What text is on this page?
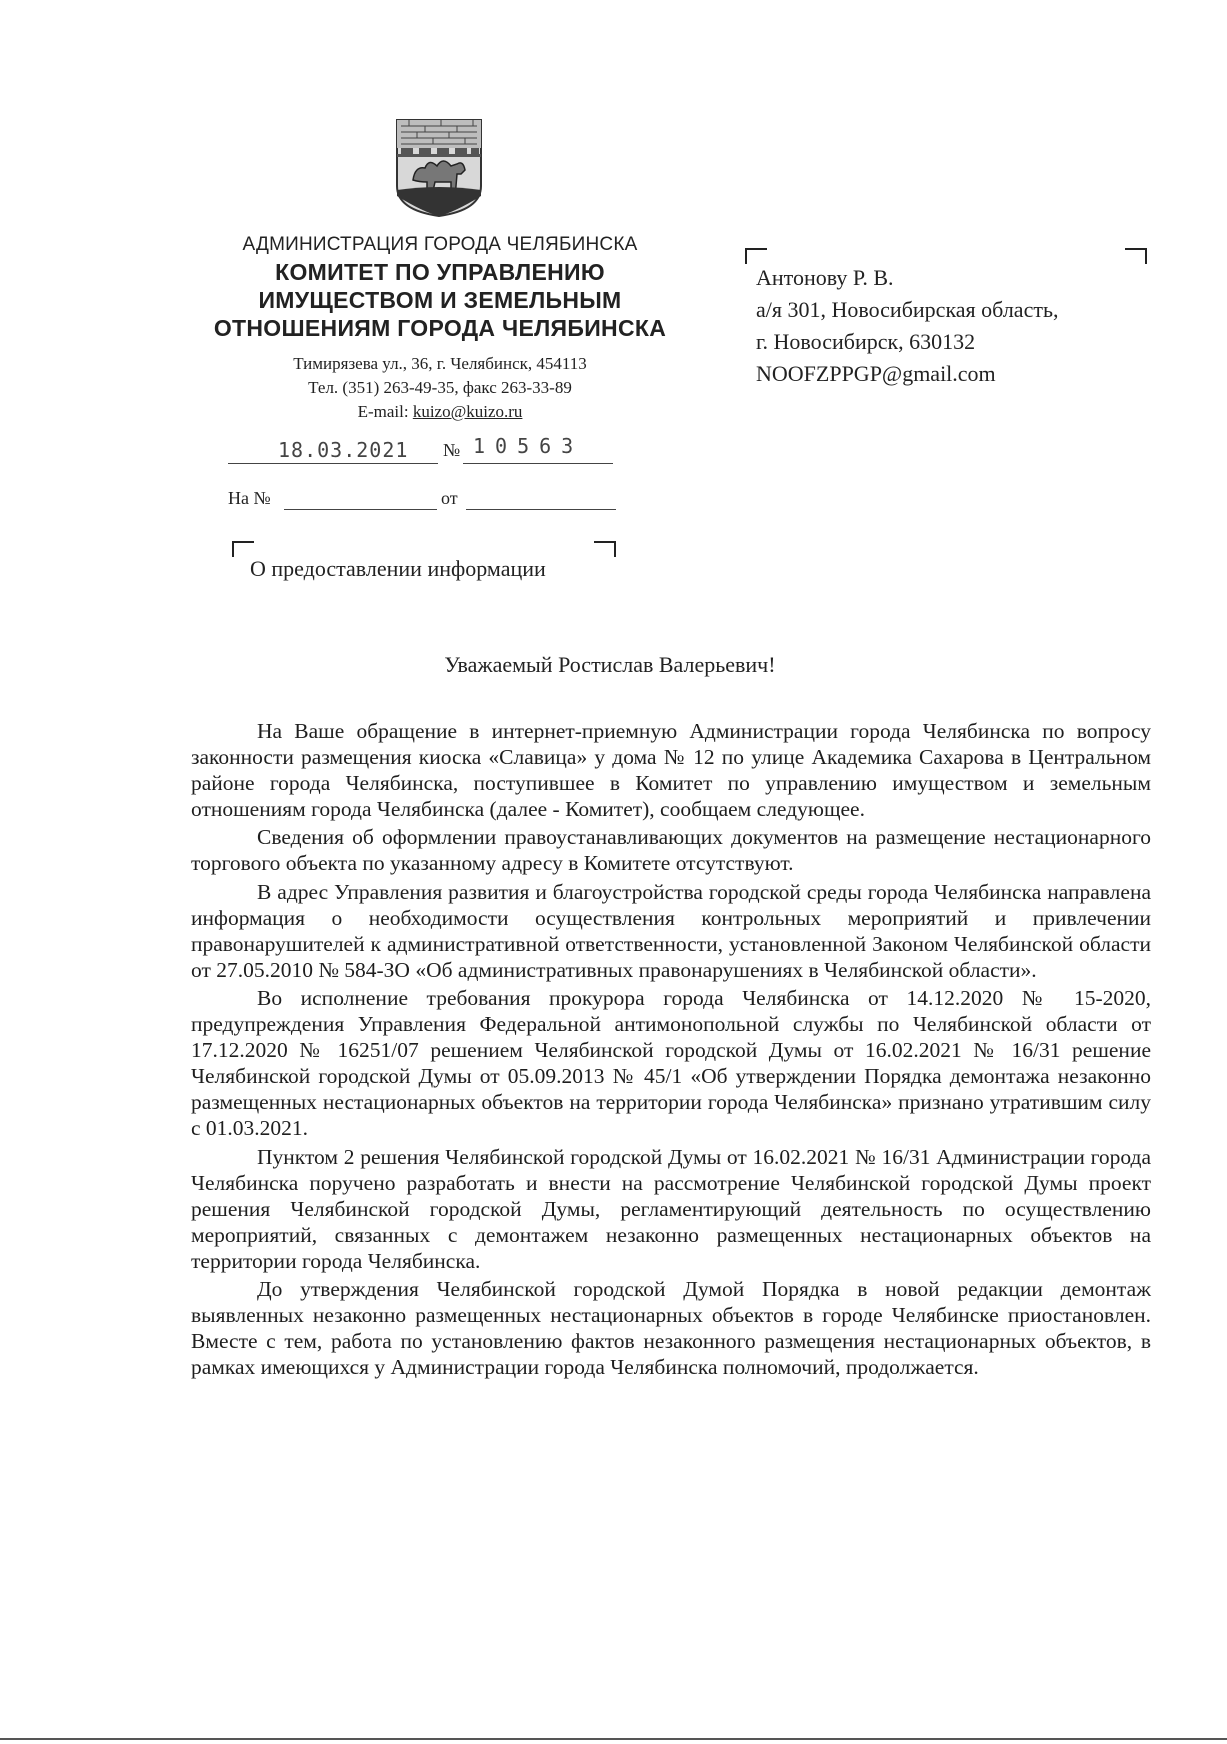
АДМИНИСТРАЦИЯ ГОРОДА ЧЕЛЯБИНСКА
КОМИТЕТ ПО УПРАВЛЕНИЮ
ИМУЩЕСТВОМ И ЗЕМЕЛЬНЫМ
ОТНОШЕНИЯМ ГОРОДА ЧЕЛЯБИНСКА
Тимирязева ул., 36, г. Челябинск, 454113
Тел. (351) 263-49-35, факс 263-33-89
E-mail: kuizo@kuizo.ru
18.03.2021 № 10563
На №	от
О предоставлении информации
Антонову Р. В.
а/я 301, Новосибирская область,
г. Новосибирск, 630132
NOOFZPPGP@gmail.com
Уважаемый Ростислав Валерьевич!

На Ваше обращение в интернет-приемную Администрации города Челябинска по вопросу законности размещения киоска «Славица» у дома № 12 по улице Академика Сахарова в Центральном районе города Челябинска, поступившее в Комитет по управлению имуществом и земельным отношениям города Челябинска (далее - Комитет), сообщаем следующее.

Сведения об оформлении правоустанавливающих документов на размещение нестационарного торгового объекта по указанному адресу в Комитете отсутствуют.

В адрес Управления развития и благоустройства городской среды города Челябинска направлена информация о необходимости осуществления контрольных мероприятий и привлечении правонарушителей к административной ответственности, установленной Законом Челябинской области от 27.05.2010 № 584-ЗО «Об административных правонарушениях в Челябинской области».

Во исполнение требования прокурора города Челябинска от 14.12.2020 № 15-2020, предупреждения Управления Федеральной антимонопольной службы по Челябинской области от 17.12.2020 № 16251/07 решением Челябинской городской Думы от 16.02.2021 № 16/31 решение Челябинской городской Думы от 05.09.2013 № 45/1 «Об утверждении Порядка демонтажа незаконно размещенных нестационарных объектов на территории города Челябинска» признано утратившим силу с 01.03.2021.

Пунктом 2 решения Челябинской городской Думы от 16.02.2021 № 16/31 Администрации города Челябинска поручено разработать и внести на рассмотрение Челябинской городской Думы проект решения Челябинской городской Думы, регламентирующий деятельность по осуществлению мероприятий, связанных с демонтажем незаконно размещенных нестационарных объектов на территории города Челябинска.

До утверждения Челябинской городской Думой Порядка в новой редакции демонтаж выявленных незаконно размещенных нестационарных объектов в городе Челябинске приостановлен. Вместе с тем, работа по установлению фактов незаконного размещения нестационарных объектов, в рамках имеющихся у Администрации города Челябинска полномочий, продолжается.
